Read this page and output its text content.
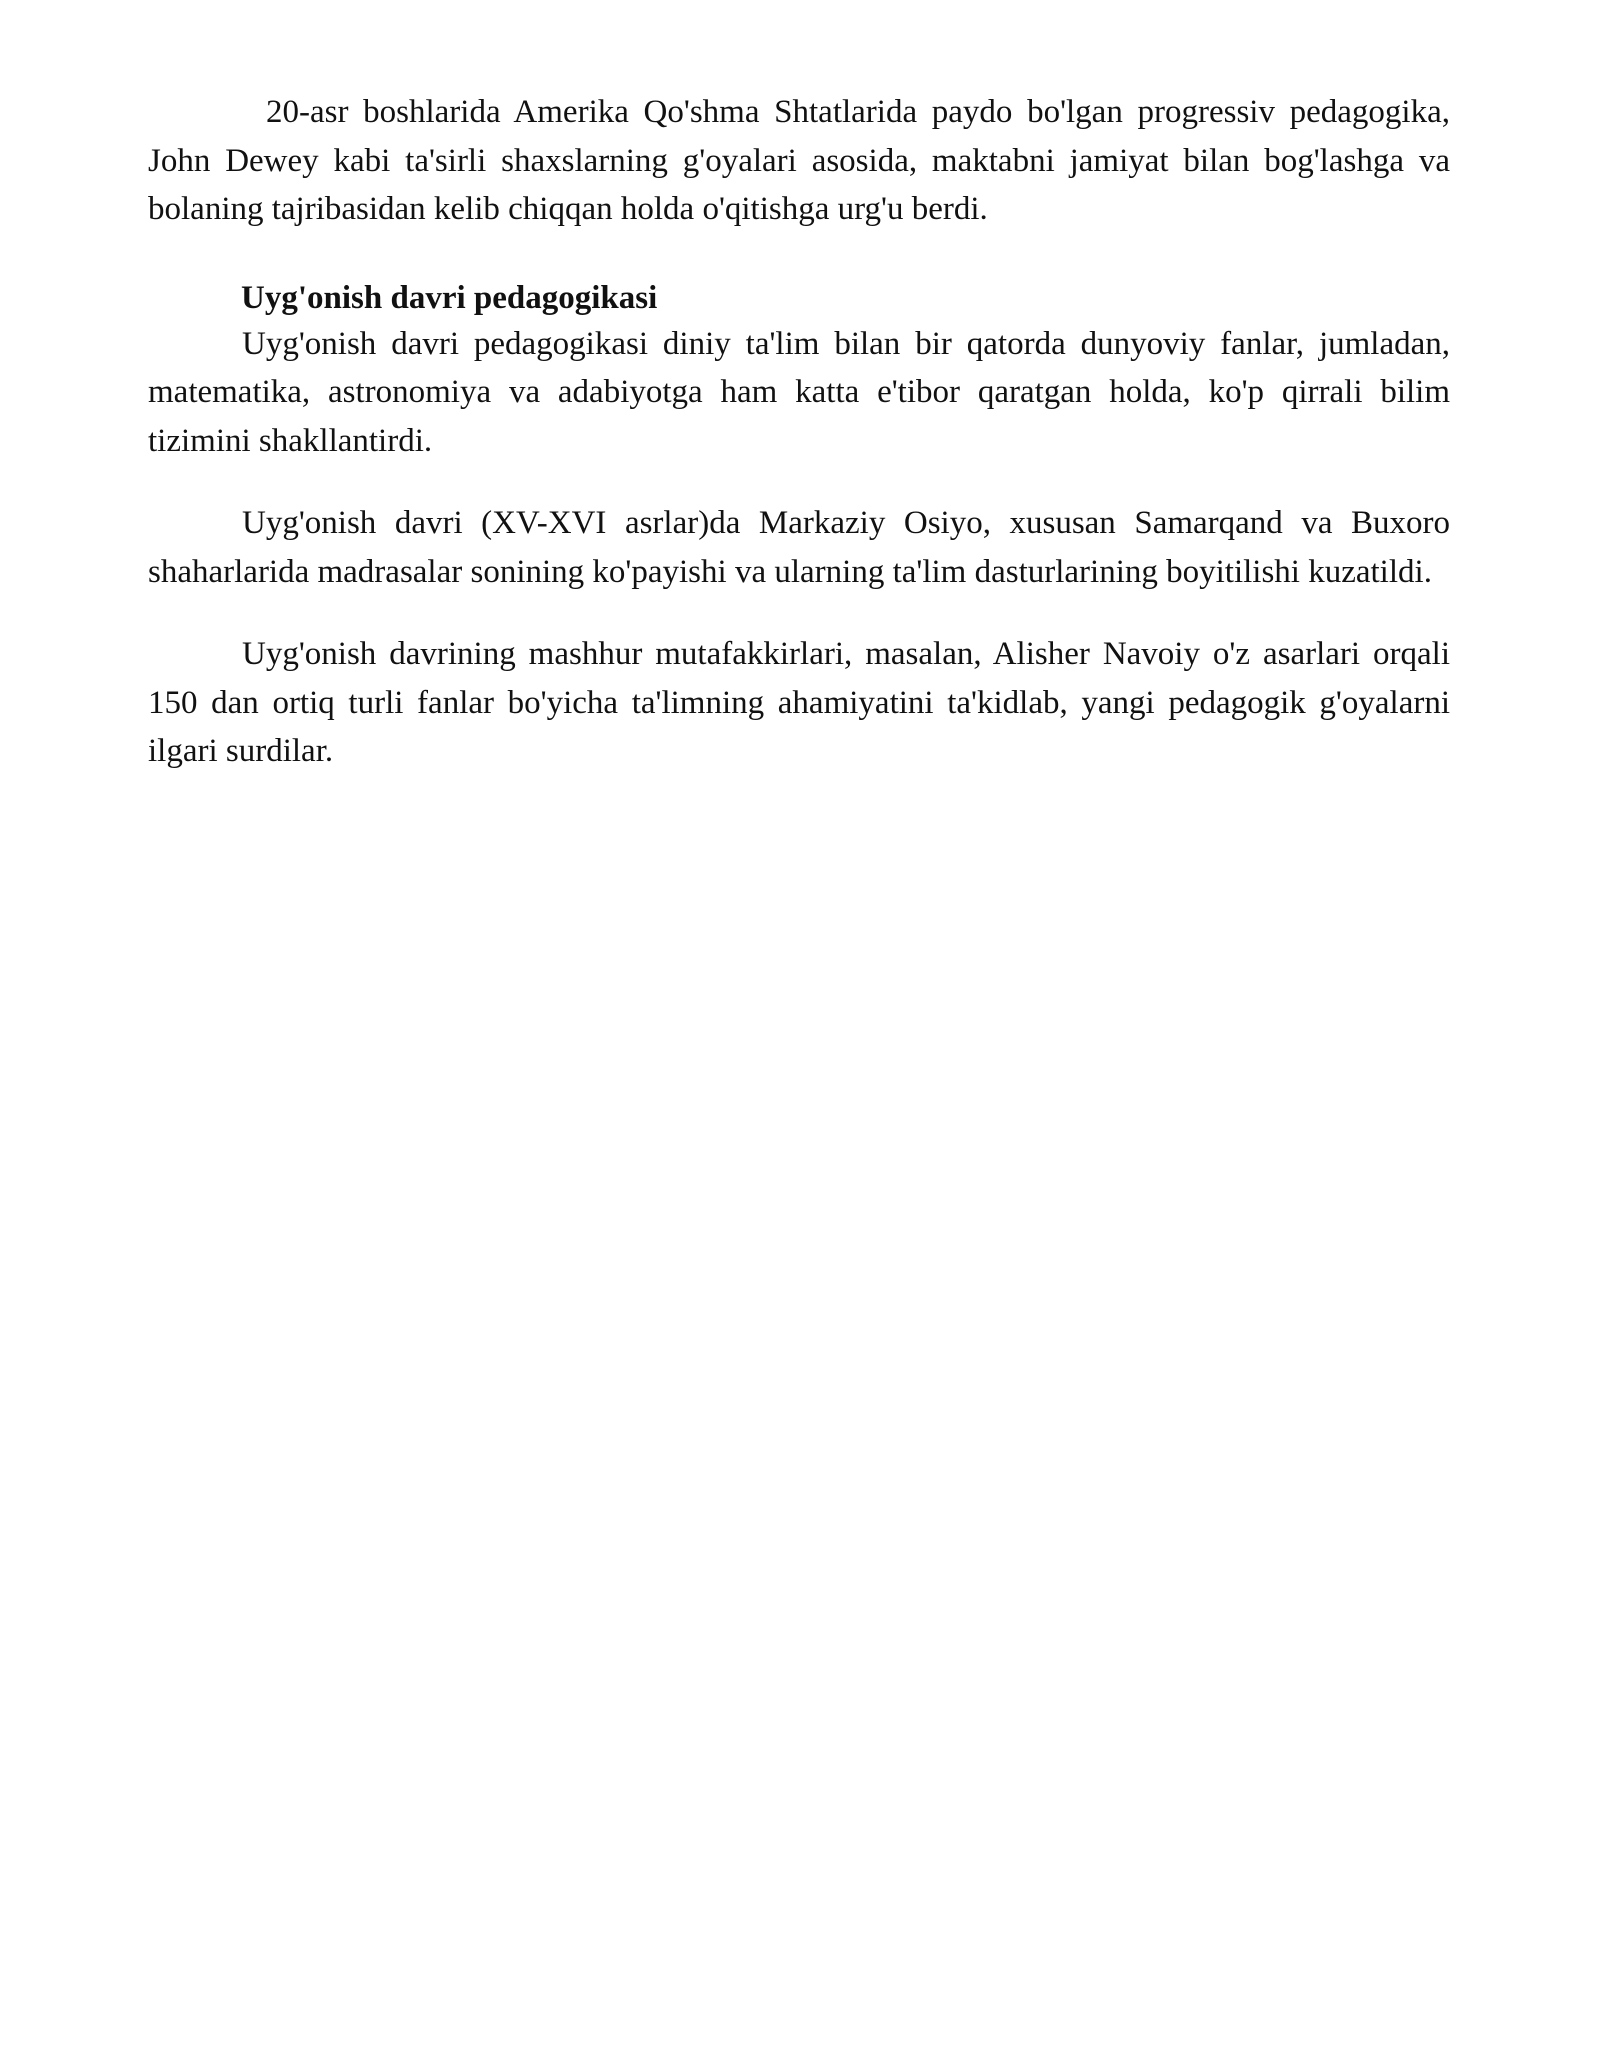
20-asr boshlarida Amerika Qo'shma Shtatlarida paydo bo'lgan progressiv pedagogika, John Dewey kabi ta'sirli shaxslarning g'oyalari asosida, maktabni jamiyat bilan bog'lashga va bolaning tajribasidan kelib chiqqan holda o'qitishga urg'u berdi.

Uyg'onish davri pedagogikasi

Uyg'onish davri pedagogikasi diniy ta'lim bilan bir qatorda dunyoviy fanlar, jumladan, matematika, astronomiya va adabiyotga ham katta e'tibor qaratgan holda, ko'p qirrali bilim tizimini shakllantirdi.

Uyg'onish davri (XV-XVI asrlar)da Markaziy Osiyo, xususan Samarqand va Buxoro shaharlarida madrasalar sonining ko'payishi va ularning ta'lim dasturlarining boyitilishi kuzatildi.

Uyg'onish davrining mashhur mutafakkirlari, masalan, Alisher Navoiy o'z asarlari orqali 150 dan ortiq turli fanlar bo'yicha ta'limning ahamiyatini ta'kidlab, yangi pedagogik g'oyalarni ilgari surdilar.
